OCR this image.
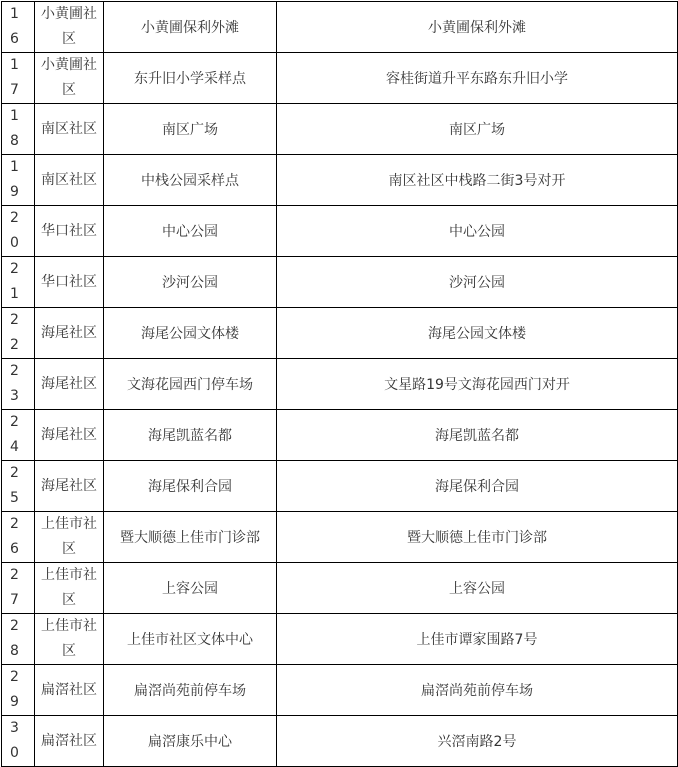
16	小黄圃社区	小黄圃保利外滩	小黄圃保利外滩

17	小黄圃社区	东升旧小学采样点	容桂街道升平东路东升旧小学

18	南区社区	南区广场	南区广场

19	南区社区	中栈公园采样点	南区社区中栈路二街3号对开

20	华口社区	中心公园	中心公园

21	华口社区	沙河公园	沙河公园

22	海尾社区	海尾公园文体楼	海尾公园文体楼

23	海尾社区	文海花园西门停车场	文星路19号文海花园西门对开

24	海尾社区	海尾凯蓝名都	海尾凯蓝名都

25	海尾社区	海尾保利合园	海尾保利合园

26	上佳市社区	暨大顺德上佳市门诊部	暨大顺德上佳市门诊部

27	上佳市社区	上容公园	上容公园

28	上佳市社区	上佳市社区文体中心	上佳市谭家围路7号

29	扁滘社区	扁滘尚苑前停车场	扁滘尚苑前停车场

30	扁滘社区	扁滘康乐中心	兴滘南路2号
